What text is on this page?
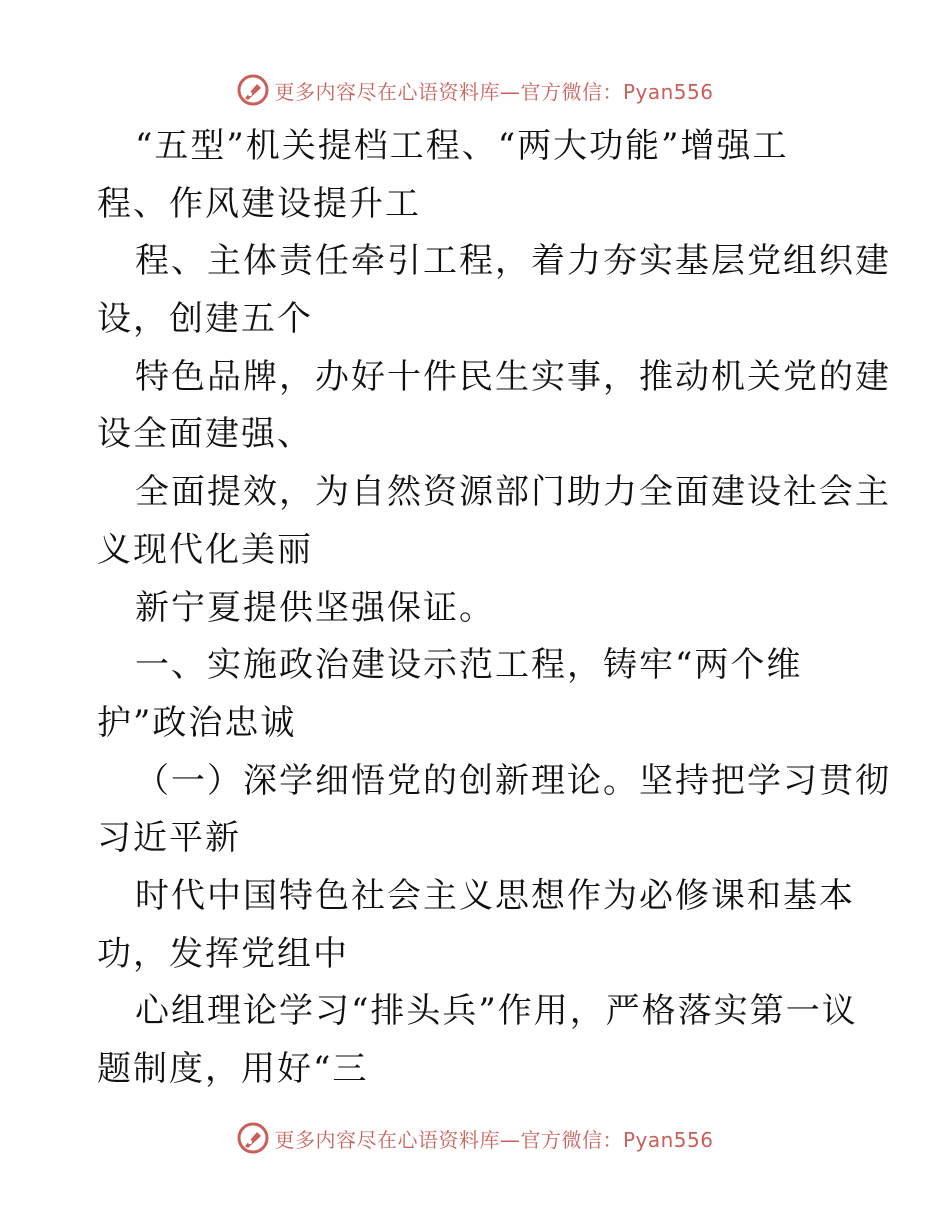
更多内容尽在心语资料库—官方微信：Pyan556
“五型”机关提档工程、“两大功能”增强工
程、作风建设提升工
程、主体责任牵引工程，着力夯实基层党组织建
设，创建五个
特色品牌，办好十件民生实事，推动机关党的建
设全面建强、
全面提效，为自然资源部门助力全面建设社会主
义现代化美丽
新宁夏提供坚强保证。
一、实施政治建设示范工程，铸牢“两个维
护”政治忠诚
（一）深学细悟党的创新理论。坚持把学习贯彻
习近平新
时代中国特色社会主义思想作为必修课和基本
功，发挥党组中
心组理论学习“排头兵”作用，严格落实第一议
题制度，用好“三
更多内容尽在心语资料库—官方微信：Pyan556
